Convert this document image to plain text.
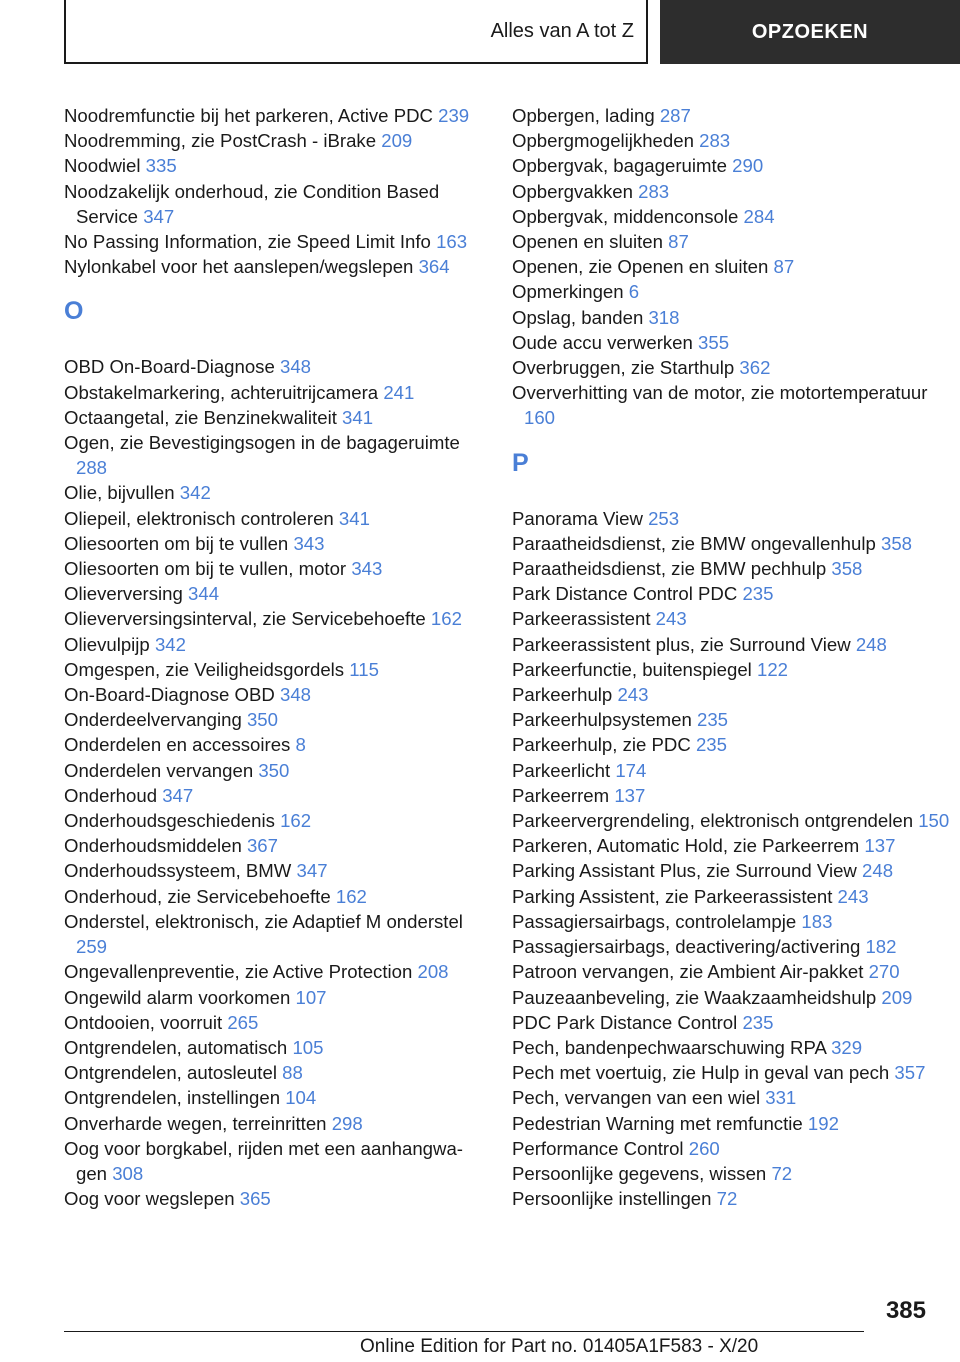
Alles van A tot Z	OPZOEKEN
Noodremfunctie bij het parkeren, Active PDC 239
Noodremming, zie PostCrash - iBrake 209
Noodwiel 335
Noodzakelijk onderhoud, zie Condition Based Service 347
No Passing Information, zie Speed Limit Info 163
Nylonkabel voor het aanslepen/wegslepen 364
O
OBD On-Board-Diagnose 348
Obstakelmarkering, achteruitrijcamera 241
Octaangetal, zie Benzinekwaliteit 341
Ogen, zie Bevestigingsogen in de bagageruimte 288
Olie, bijvullen 342
Oliepeil, elektronisch controleren 341
Oliesoorten om bij te vullen 343
Oliesoorten om bij te vullen, motor 343
Olieverversing 344
Olieverversingsinterval, zie Servicebehoefte 162
Olievulpijp 342
Omgespen, zie Veiligheidsgordels 115
On-Board-Diagnose OBD 348
Onderdeelvervanging 350
Onderdelen en accessoires 8
Onderdelen vervangen 350
Onderhoud 347
Onderhoudsgeschiedenis 162
Onderhoudsmiddelen 367
Onderhoudssysteem, BMW 347
Onderhoud, zie Servicebehoefte 162
Onderstel, elektronisch, zie Adaptief M onderstel 259
Ongevallenpreventie, zie Active Protection 208
Ongewild alarm voorkomen 107
Ontdooien, voorruit 265
Ontgrendelen, automatisch 105
Ontgrendelen, autosleutel 88
Ontgrendelen, instellingen 104
Onverharde wegen, terreinritten 298
Oog voor borgkabel, rijden met een aanhangwagen 308
Oog voor wegslepen 365
Opbergen, lading 287
Opbergmogelijkheden 283
Opbergvak, bagageruimte 290
Opbergvakken 283
Opbergvak, middenconsole 284
Openen en sluiten 87
Openen, zie Openen en sluiten 87
Opmerkingen 6
Opslag, banden 318
Oude accu verwerken 355
Overbruggen, zie Starthulp 362
Oververhitting van de motor, zie motortemperatuur 160
P
Panorama View 253
Paraatheidsdienst, zie BMW ongevallenhulp 358
Paraatheidsdienst, zie BMW pechhulp 358
Park Distance Control PDC 235
Parkeerassistent 243
Parkeerassistent plus, zie Surround View 248
Parkeerfunctie, buitenspiegel 122
Parkeerhulp 243
Parkeerhulpsystemen 235
Parkeerhulp, zie PDC 235
Parkeerlicht 174
Parkeerrem 137
Parkeervergrendeling, elektronisch ontgrendelen 150
Parkeren, Automatic Hold, zie Parkeerrem 137
Parking Assistant Plus, zie Surround View 248
Parking Assistent, zie Parkeerassistent 243
Passagiersairbags, controlelampje 183
Passagiersairbags, deactivering/activering 182
Patroon vervangen, zie Ambient Air-pakket 270
Pauzeaanbeveling, zie Waakzaamheidshulp 209
PDC Park Distance Control 235
Pech, bandenpechwaarschuwing RPA 329
Pech met voertuig, zie Hulp in geval van pech 357
Pech, vervangen van een wiel 331
Pedestrian Warning met remfunctie 192
Performance Control 260
Persoonlijke gegevens, wissen 72
Persoonlijke instellingen 72
385
Online Edition for Part no. 01405A1F583 - X/20
